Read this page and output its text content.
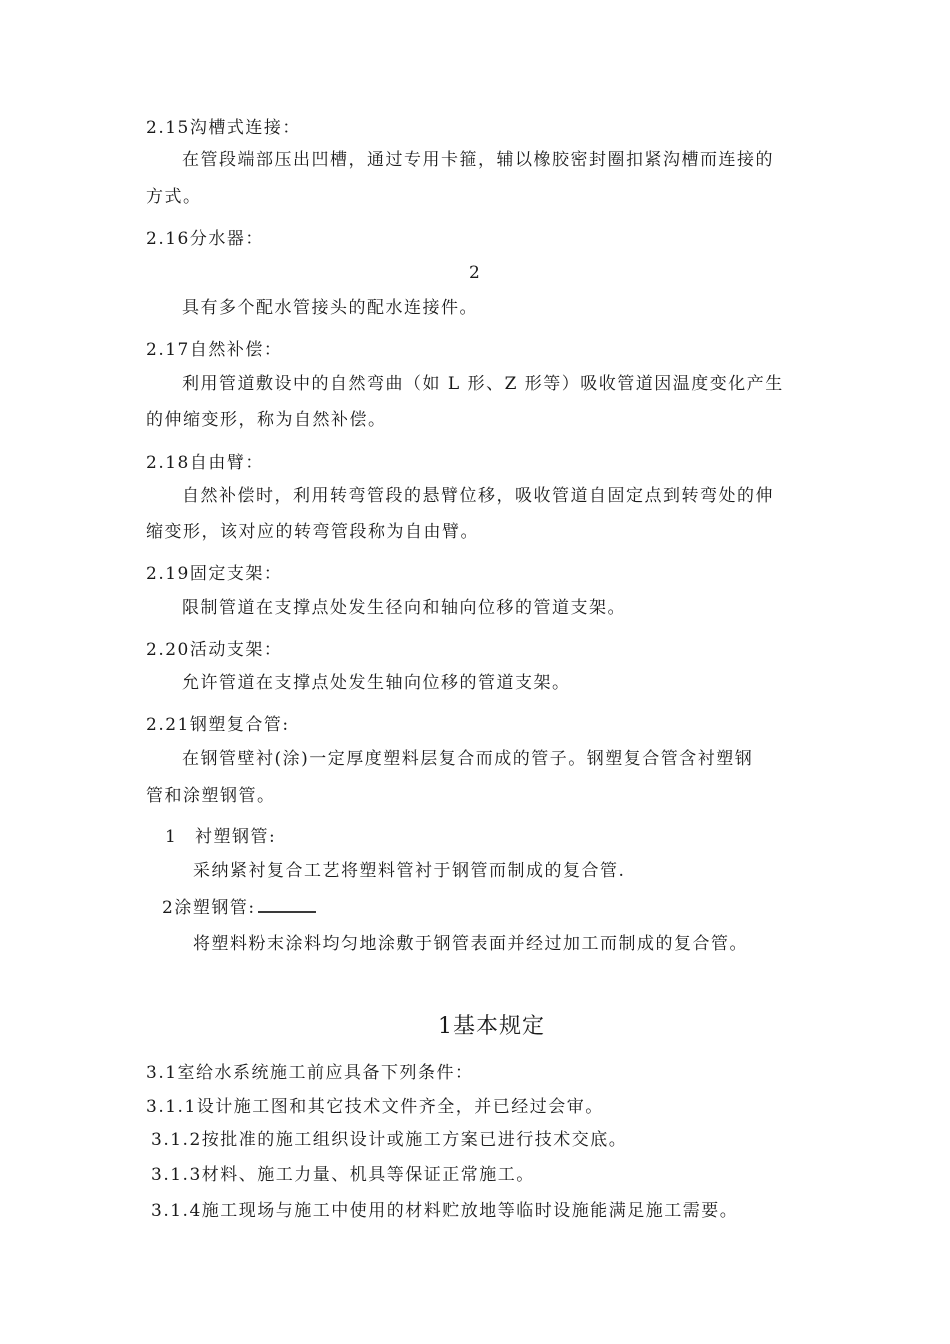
2.15沟槽式连接：
在管段端部压出凹槽，通过专用卡箍，辅以橡胶密封圈扣紧沟槽而连接的
方式。
2.16分水器：
2
具有多个配水管接头的配水连接件。
2.17自然补偿：
利用管道敷设中的自然弯曲（如 L 形、Z 形等）吸收管道因温度变化产生
的伸缩变形，称为自然补偿。
2.18自由臂：
自然补偿时，利用转弯管段的悬臂位移，吸收管道自固定点到转弯处的伸
缩变形，该对应的转弯管段称为自由臂。
2.19固定支架：
限制管道在支撑点处发生径向和轴向位移的管道支架。
2.20活动支架：
允许管道在支撑点处发生轴向位移的管道支架。
2.21钢塑复合管:
在钢管壁衬(涂)一定厚度塑料层复合而成的管子。钢塑复合管含衬塑钢
管和涂塑钢管。
1 衬塑钢管:
采纳紧衬复合工艺将塑料管衬于钢管而制成的复合管.
2涂塑钢管:
将塑料粉末涂料均匀地涂敷于钢管表面并经过加工而制成的复合管。
1基本规定
3.1室给水系统施工前应具备下列条件：
3.1.1设计施工图和其它技术文件齐全，并已经过会审。
3.1.2按批准的施工组织设计或施工方案已进行技术交底。
3.1.3材料、施工力量、机具等保证正常施工。
3.1.4施工现场与施工中使用的材料贮放地等临时设施能满足施工需要。
